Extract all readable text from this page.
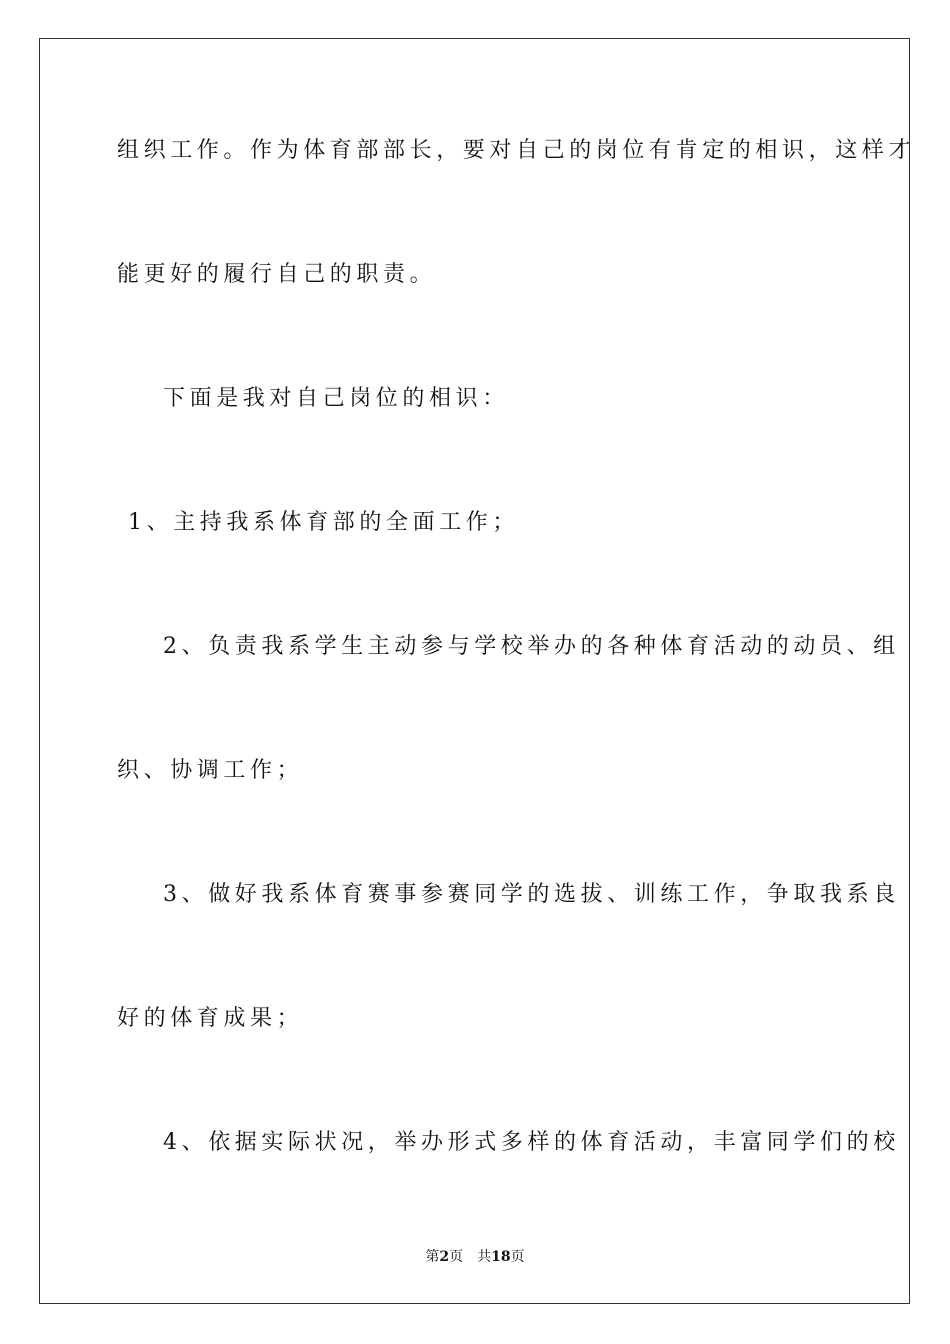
组织工作。作为体育部部长，要对自己的岗位有肯定的相识，这样才
能更好的履行自己的职责。
下面是我对自己岗位的相识：
1、主持我系体育部的全面工作；
2、负责我系学生主动参与学校举办的各种体育活动的动员、组
织、协调工作；
3、做好我系体育赛事参赛同学的选拔、训练工作，争取我系良
好的体育成果；
4、依据实际状况，举办形式多样的体育活动，丰富同学们的校
第2页 共18页
